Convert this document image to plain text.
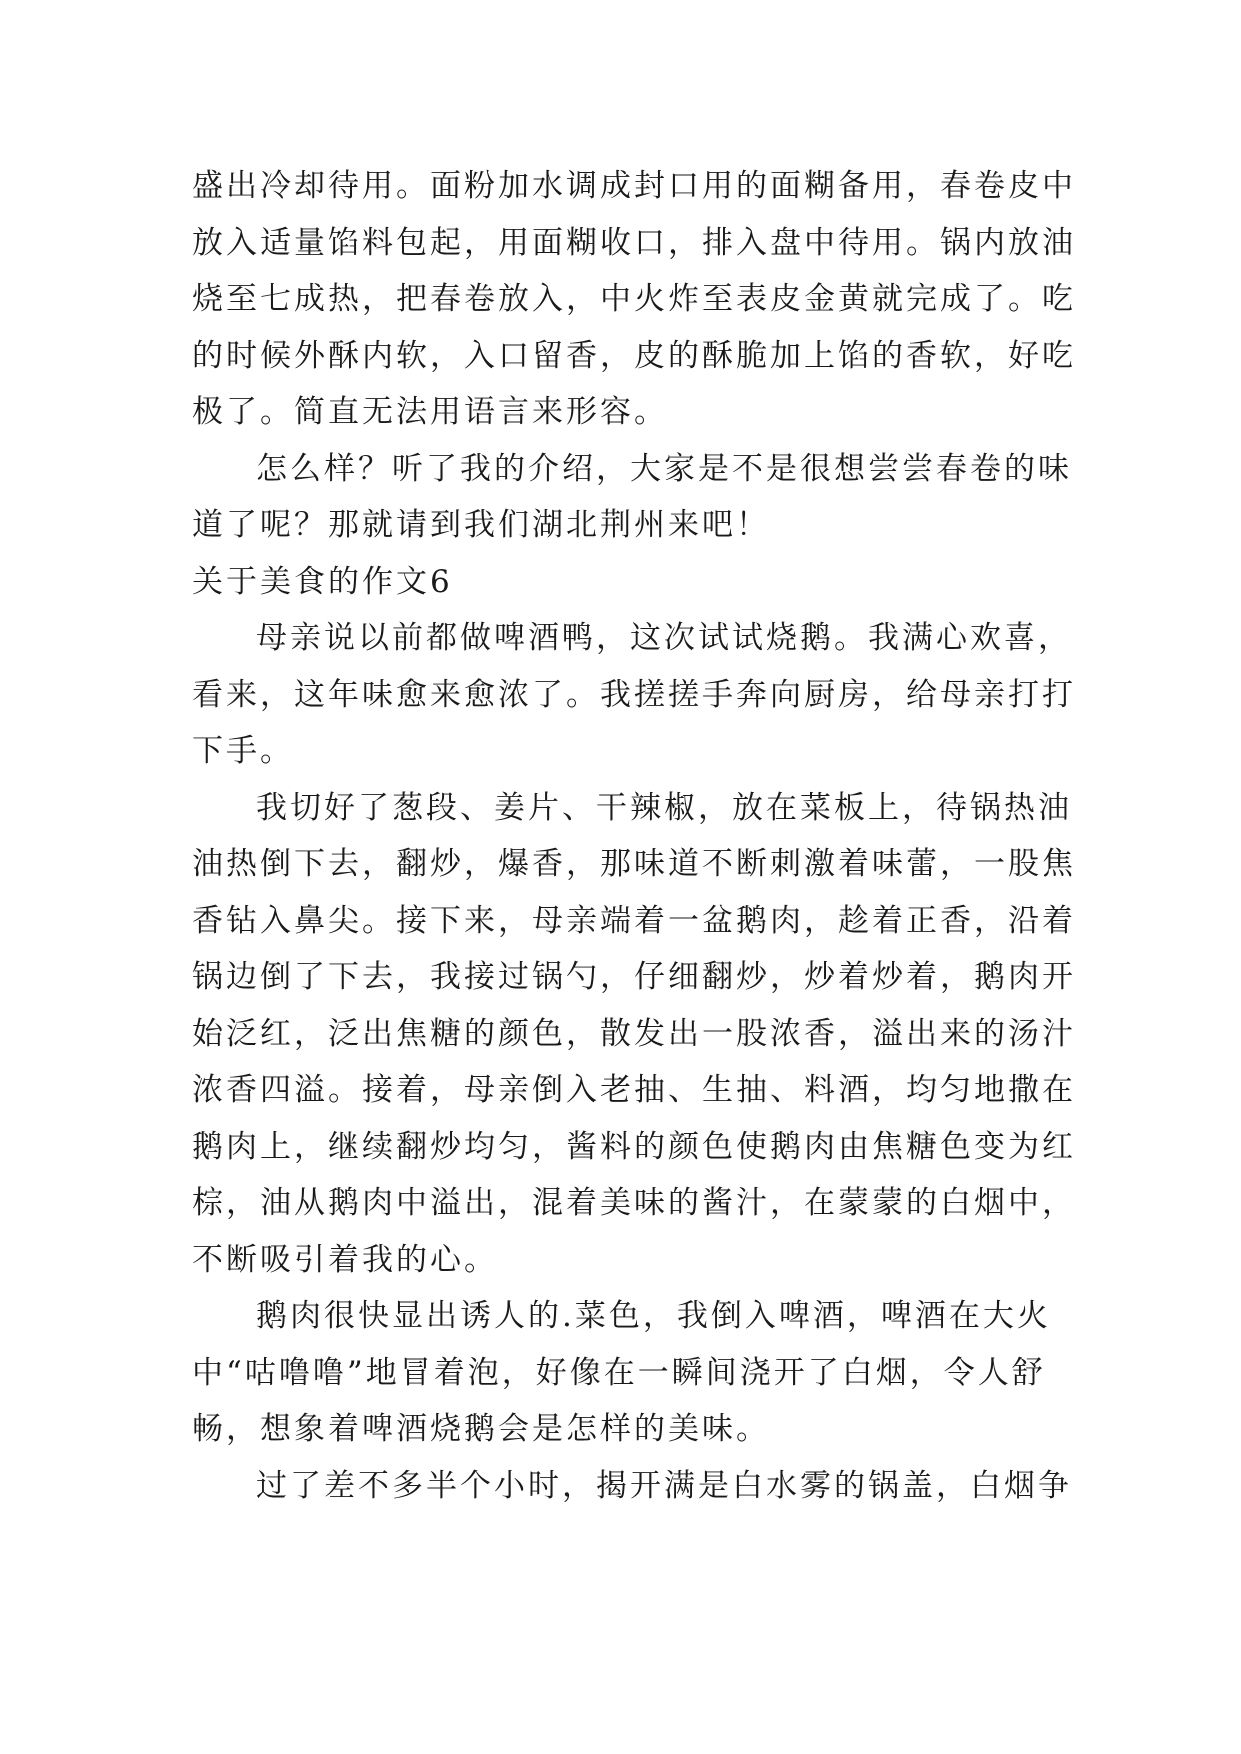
盛出冷却待用。面粉加水调成封口用的面糊备用，春卷皮中
放入适量馅料包起，用面糊收口，排入盘中待用。锅内放油
烧至七成热，把春卷放入，中火炸至表皮金黄就完成了。吃
的时候外酥内软，入口留香，皮的酥脆加上馅的香软，好吃
极了。简直无法用语言来形容。
怎么样？听了我的介绍，大家是不是很想尝尝春卷的味
道了呢？那就请到我们湖北荆州来吧！
关于美食的作文6
母亲说以前都做啤酒鸭，这次试试烧鹅。我满心欢喜，
看来，这年味愈来愈浓了。我搓搓手奔向厨房，给母亲打打
下手。
我切好了葱段、姜片、干辣椒，放在菜板上，待锅热油
油热倒下去，翻炒，爆香，那味道不断刺激着味蕾，一股焦
香钻入鼻尖。接下来，母亲端着一盆鹅肉，趁着正香，沿着
锅边倒了下去，我接过锅勺，仔细翻炒，炒着炒着，鹅肉开
始泛红，泛出焦糖的颜色，散发出一股浓香，溢出来的汤汁
浓香四溢。接着，母亲倒入老抽、生抽、料酒，均匀地撒在
鹅肉上，继续翻炒均匀，酱料的颜色使鹅肉由焦糖色变为红
棕，油从鹅肉中溢出，混着美味的酱汁，在蒙蒙的白烟中，
不断吸引着我的心。
鹅肉很快显出诱人的.菜色，我倒入啤酒，啤酒在大火
中“咕噜噜”地冒着泡，好像在一瞬间浇开了白烟，令人舒
畅，想象着啤酒烧鹅会是怎样的美味。
过了差不多半个小时，揭开满是白水雾的锅盖，白烟争
